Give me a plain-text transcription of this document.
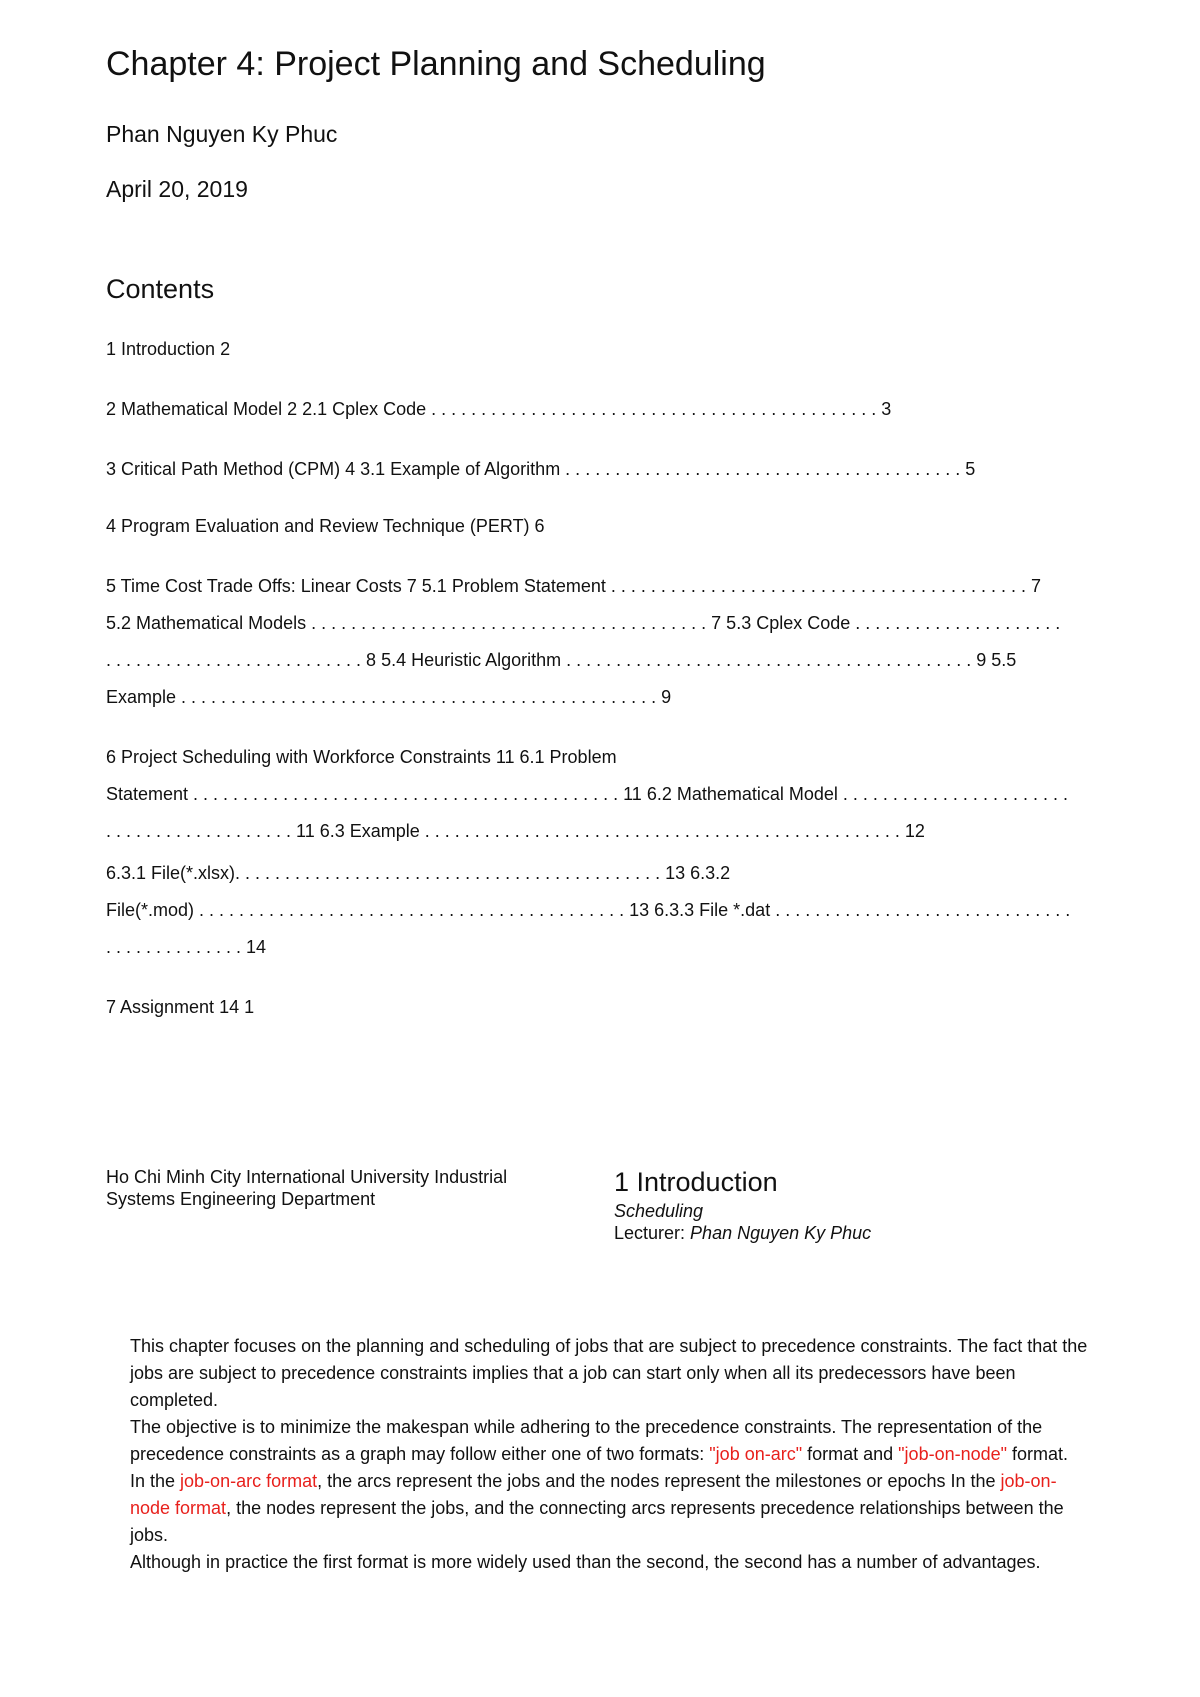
Chapter 4: Project Planning and Scheduling
Phan Nguyen Ky Phuc
April 20, 2019
Contents
1 Introduction 2
2 Mathematical Model 2 2.1 Cplex Code . . . . . . . . . . . . . . . . . . . . . . . . . . . . . . . . . . . . . . . . . . . . . 3
3 Critical Path Method (CPM) 4 3.1 Example of Algorithm . . . . . . . . . . . . . . . . . . . . . . . . . . . . . . . . . . . . . . . . 5
4 Program Evaluation and Review Technique (PERT) 6
5 Time Cost Trade Offs: Linear Costs 7 5.1 Problem Statement . . . . . . . . . . . . . . . . . . . . . . . . . . . . . . . . . . . . . . . . . . 7
5.2 Mathematical Models . . . . . . . . . . . . . . . . . . . . . . . . . . . . . . . . . . . . . . . . 7 5.3 Cplex Code . . . . . . . . . . . . . . . . . . . . .
. . . . . . . . . . . . . . . . . . . . . . . . . . 8 5.4 Heuristic Algorithm . . . . . . . . . . . . . . . . . . . . . . . . . . . . . . . . . . . . . . . . . 9 5.5
Example . . . . . . . . . . . . . . . . . . . . . . . . . . . . . . . . . . . . . . . . . . . . . . . . 9
6 Project Scheduling with Workforce Constraints 11 6.1 Problem
Statement . . . . . . . . . . . . . . . . . . . . . . . . . . . . . . . . . . . . . . . . . . . 11 6.2 Mathematical Model . . . . . . . . . . . . . . . . . . . . . . .
. . . . . . . . . . . . . . . . . . . 11 6.3 Example . . . . . . . . . . . . . . . . . . . . . . . . . . . . . . . . . . . . . . . . . . . . . . . . 12
6.3.1 File(*.xlsx). . . . . . . . . . . . . . . . . . . . . . . . . . . . . . . . . . . . . . . . . . . 13 6.3.2
File(*.mod) . . . . . . . . . . . . . . . . . . . . . . . . . . . . . . . . . . . . . . . . . . . 13 6.3.3 File *.dat . . . . . . . . . . . . . . . . . . . . . . . . . . . . . .
. . . . . . . . . . . . . . 14
7 Assignment 14 1
Ho Chi Minh City International University Industrial
Systems Engineering Department
1 Introduction
Scheduling
Lecturer: Phan Nguyen Ky Phuc

This chapter focuses on the planning and scheduling of jobs that are subject to precedence constraints. The fact that the jobs are subject to precedence constraints implies that a job can start only when all its predecessors have been completed.

The objective is to minimize the makespan while adhering to the precedence constraints. The representation of the precedence constraints as a graph may follow either one of two formats: "job on-arc" format and "job-on-node" format.

In the job-on-arc format, the arcs represent the jobs and the nodes represent the milestones or epochs In the job-on-node format, the nodes represent the jobs, and the connecting arcs represents precedence relationships between the jobs.

Although in practice the first format is more widely used than the second, the second has a number of advantages.
